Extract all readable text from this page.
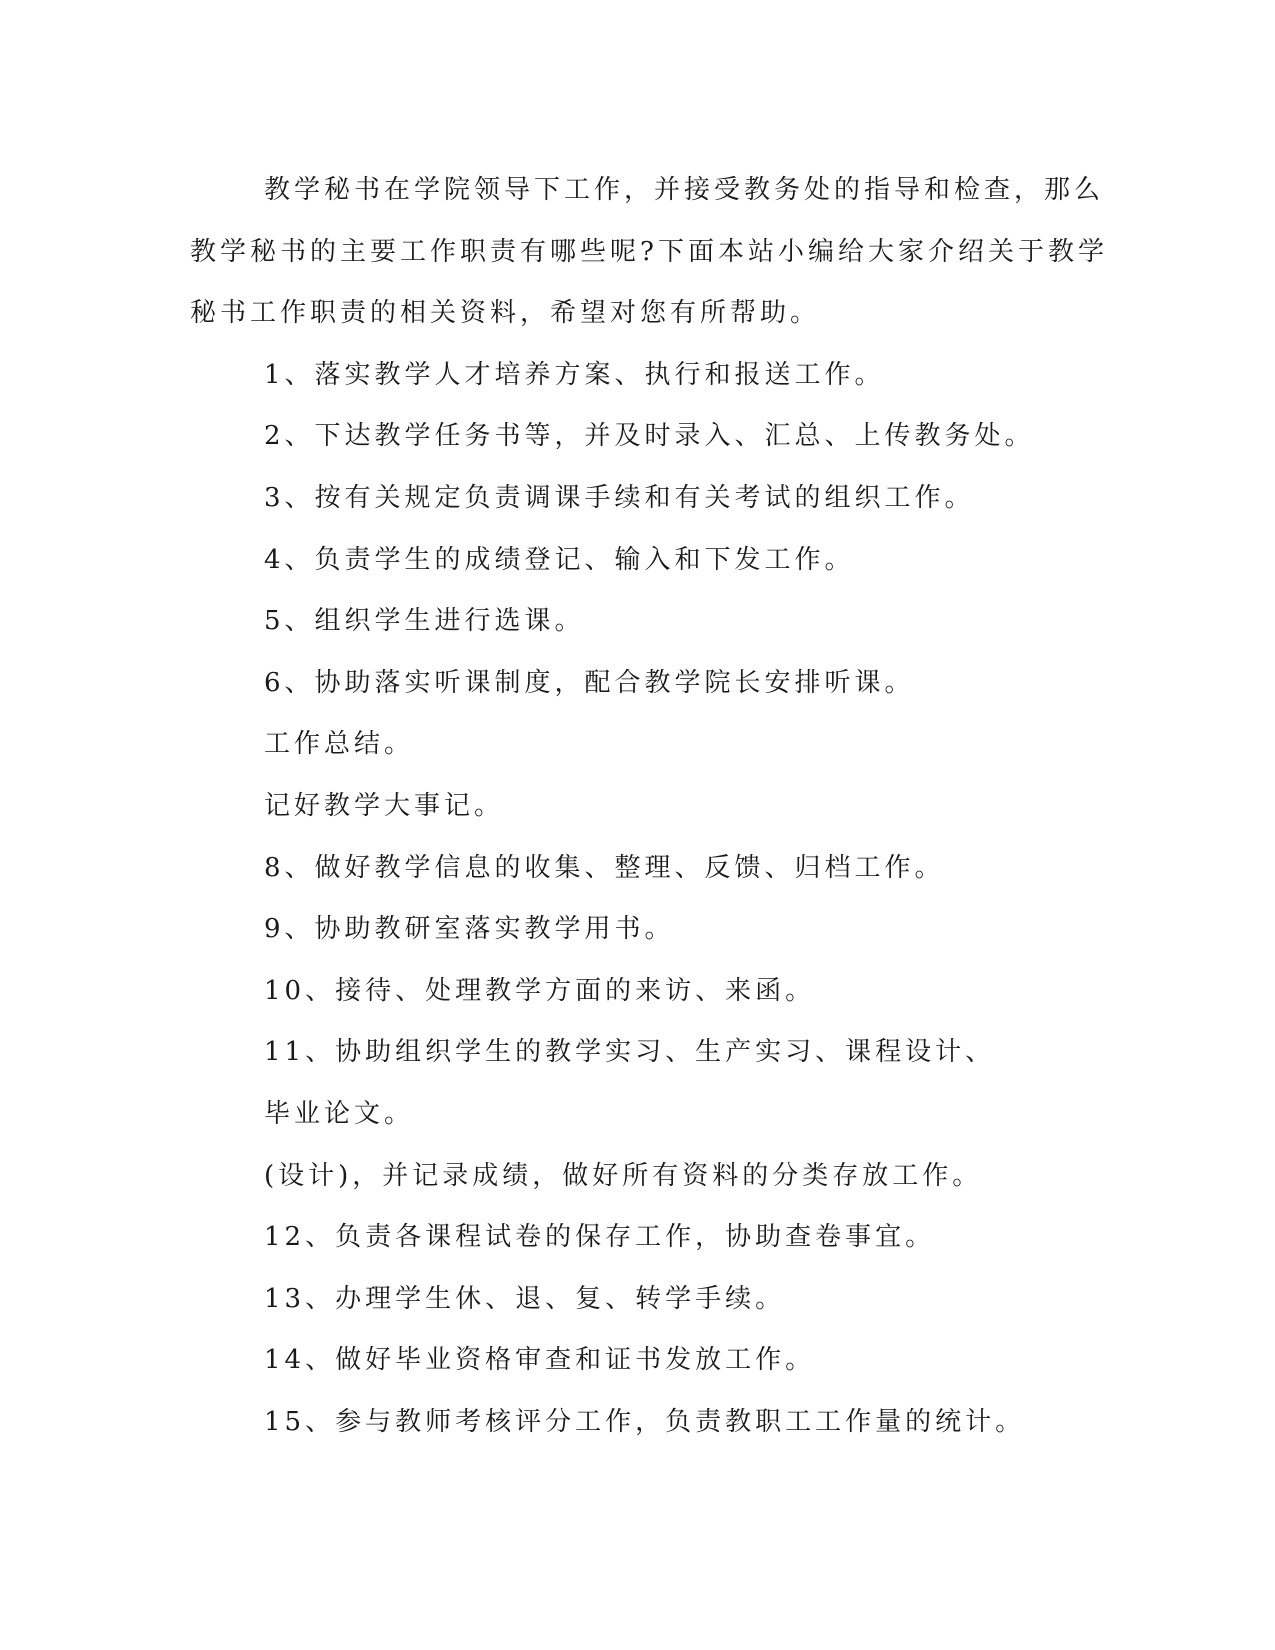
教学秘书在学院领导下工作，并接受教务处的指导和检查，那么
教学秘书的主要工作职责有哪些呢?下面本站小编给大家介绍关于教学
秘书工作职责的相关资料，希望对您有所帮助。
1、落实教学人才培养方案、执行和报送工作。
2、下达教学任务书等，并及时录入、汇总、上传教务处。
3、按有关规定负责调课手续和有关考试的组织工作。
4、负责学生的成绩登记、输入和下发工作。
5、组织学生进行选课。
6、协助落实听课制度，配合教学院长安排听课。
工作总结。
记好教学大事记。
8、做好教学信息的收集、整理、反馈、归档工作。
9、协助教研室落实教学用书。
10、接待、处理教学方面的来访、来函。
11、协助组织学生的教学实习、生产实习、课程设计、
毕业论文。
(设计)，并记录成绩，做好所有资料的分类存放工作。
12、负责各课程试卷的保存工作，协助查卷事宜。
13、办理学生休、退、复、转学手续。
14、做好毕业资格审查和证书发放工作。
15、参与教师考核评分工作，负责教职工工作量的统计。
